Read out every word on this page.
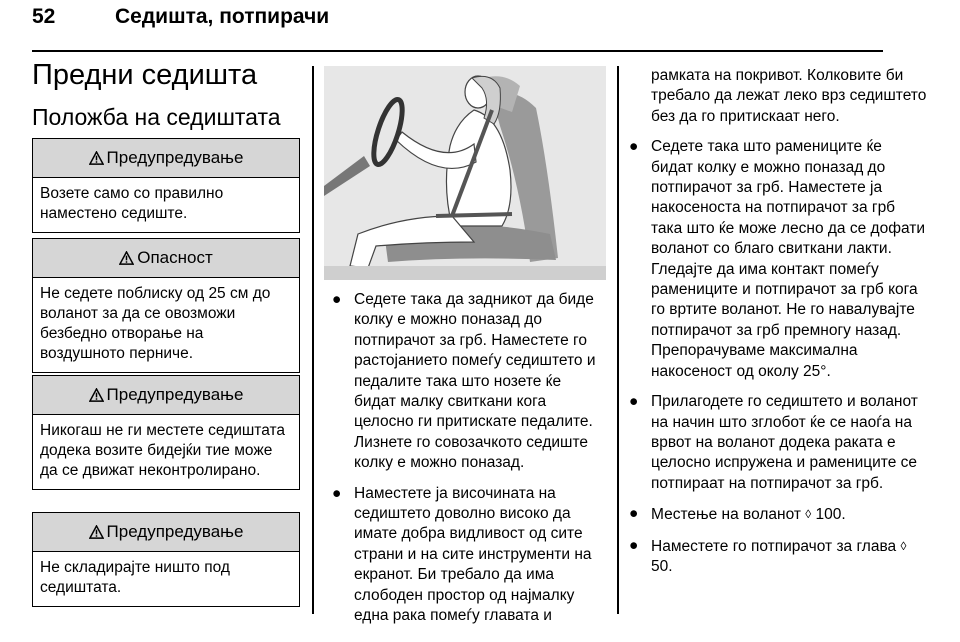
52	Седишта, потпирачи
Предни седишта
Положба на седиштата
Предупредување
Возете само со правилно наместено седиште.
Опасност
Не седете поблиску од 25 см до воланот за да се овозможи безбедно отворање на воздушното перниче.
Предупредување
Никогаш не ги местете седиштата додека возите бидејќи тие може да се движат неконтролирано.
Предупредување
Не складирајте ништо под седиштата.

● Седете така да задникот да биде колку е можно поназад до потпирачот за грб. Наместете го растојанието помеѓу седиштето и педалите така што нозете ќе бидат малку свиткани кога целосно ги притискате педалите. Лизнете го совозачкото седиште колку е можно поназад.

● Наместете ја височината на седиштето доволно високо да имате добра видливост од сите страни и на сите инструменти на екранот. Би требало да има слободен простор од најмалку една рака помеѓу главата и

рамката на покривот. Колковите би требало да лежат леко врз седиштето без да го притискаат него.

● Седете така што рамениците ќе бидат колку е можно поназад до потпирачот за грб. Наместете ја накосеноста на потпирачот за грб така што ќе може лесно да се дофати воланот со благо свиткани лакти. Гледајте да има контакт помеѓу рамениците и потпирачот за грб кога го вртите воланот. Не го навалувајте потпирачот за грб премногу назад. Препорачуваме максимална накосеност од околу 25°.

● Прилагодете го седиштето и воланот на начин што зглобот ќе се наоѓа на врвот на воланот додека ракатa е целосно испружена и рамениците се потпираат на потпирачот за грб.

● Местење на воланот ◊ 100.

● Наместете го потпирачот за глава ◊ 50.
